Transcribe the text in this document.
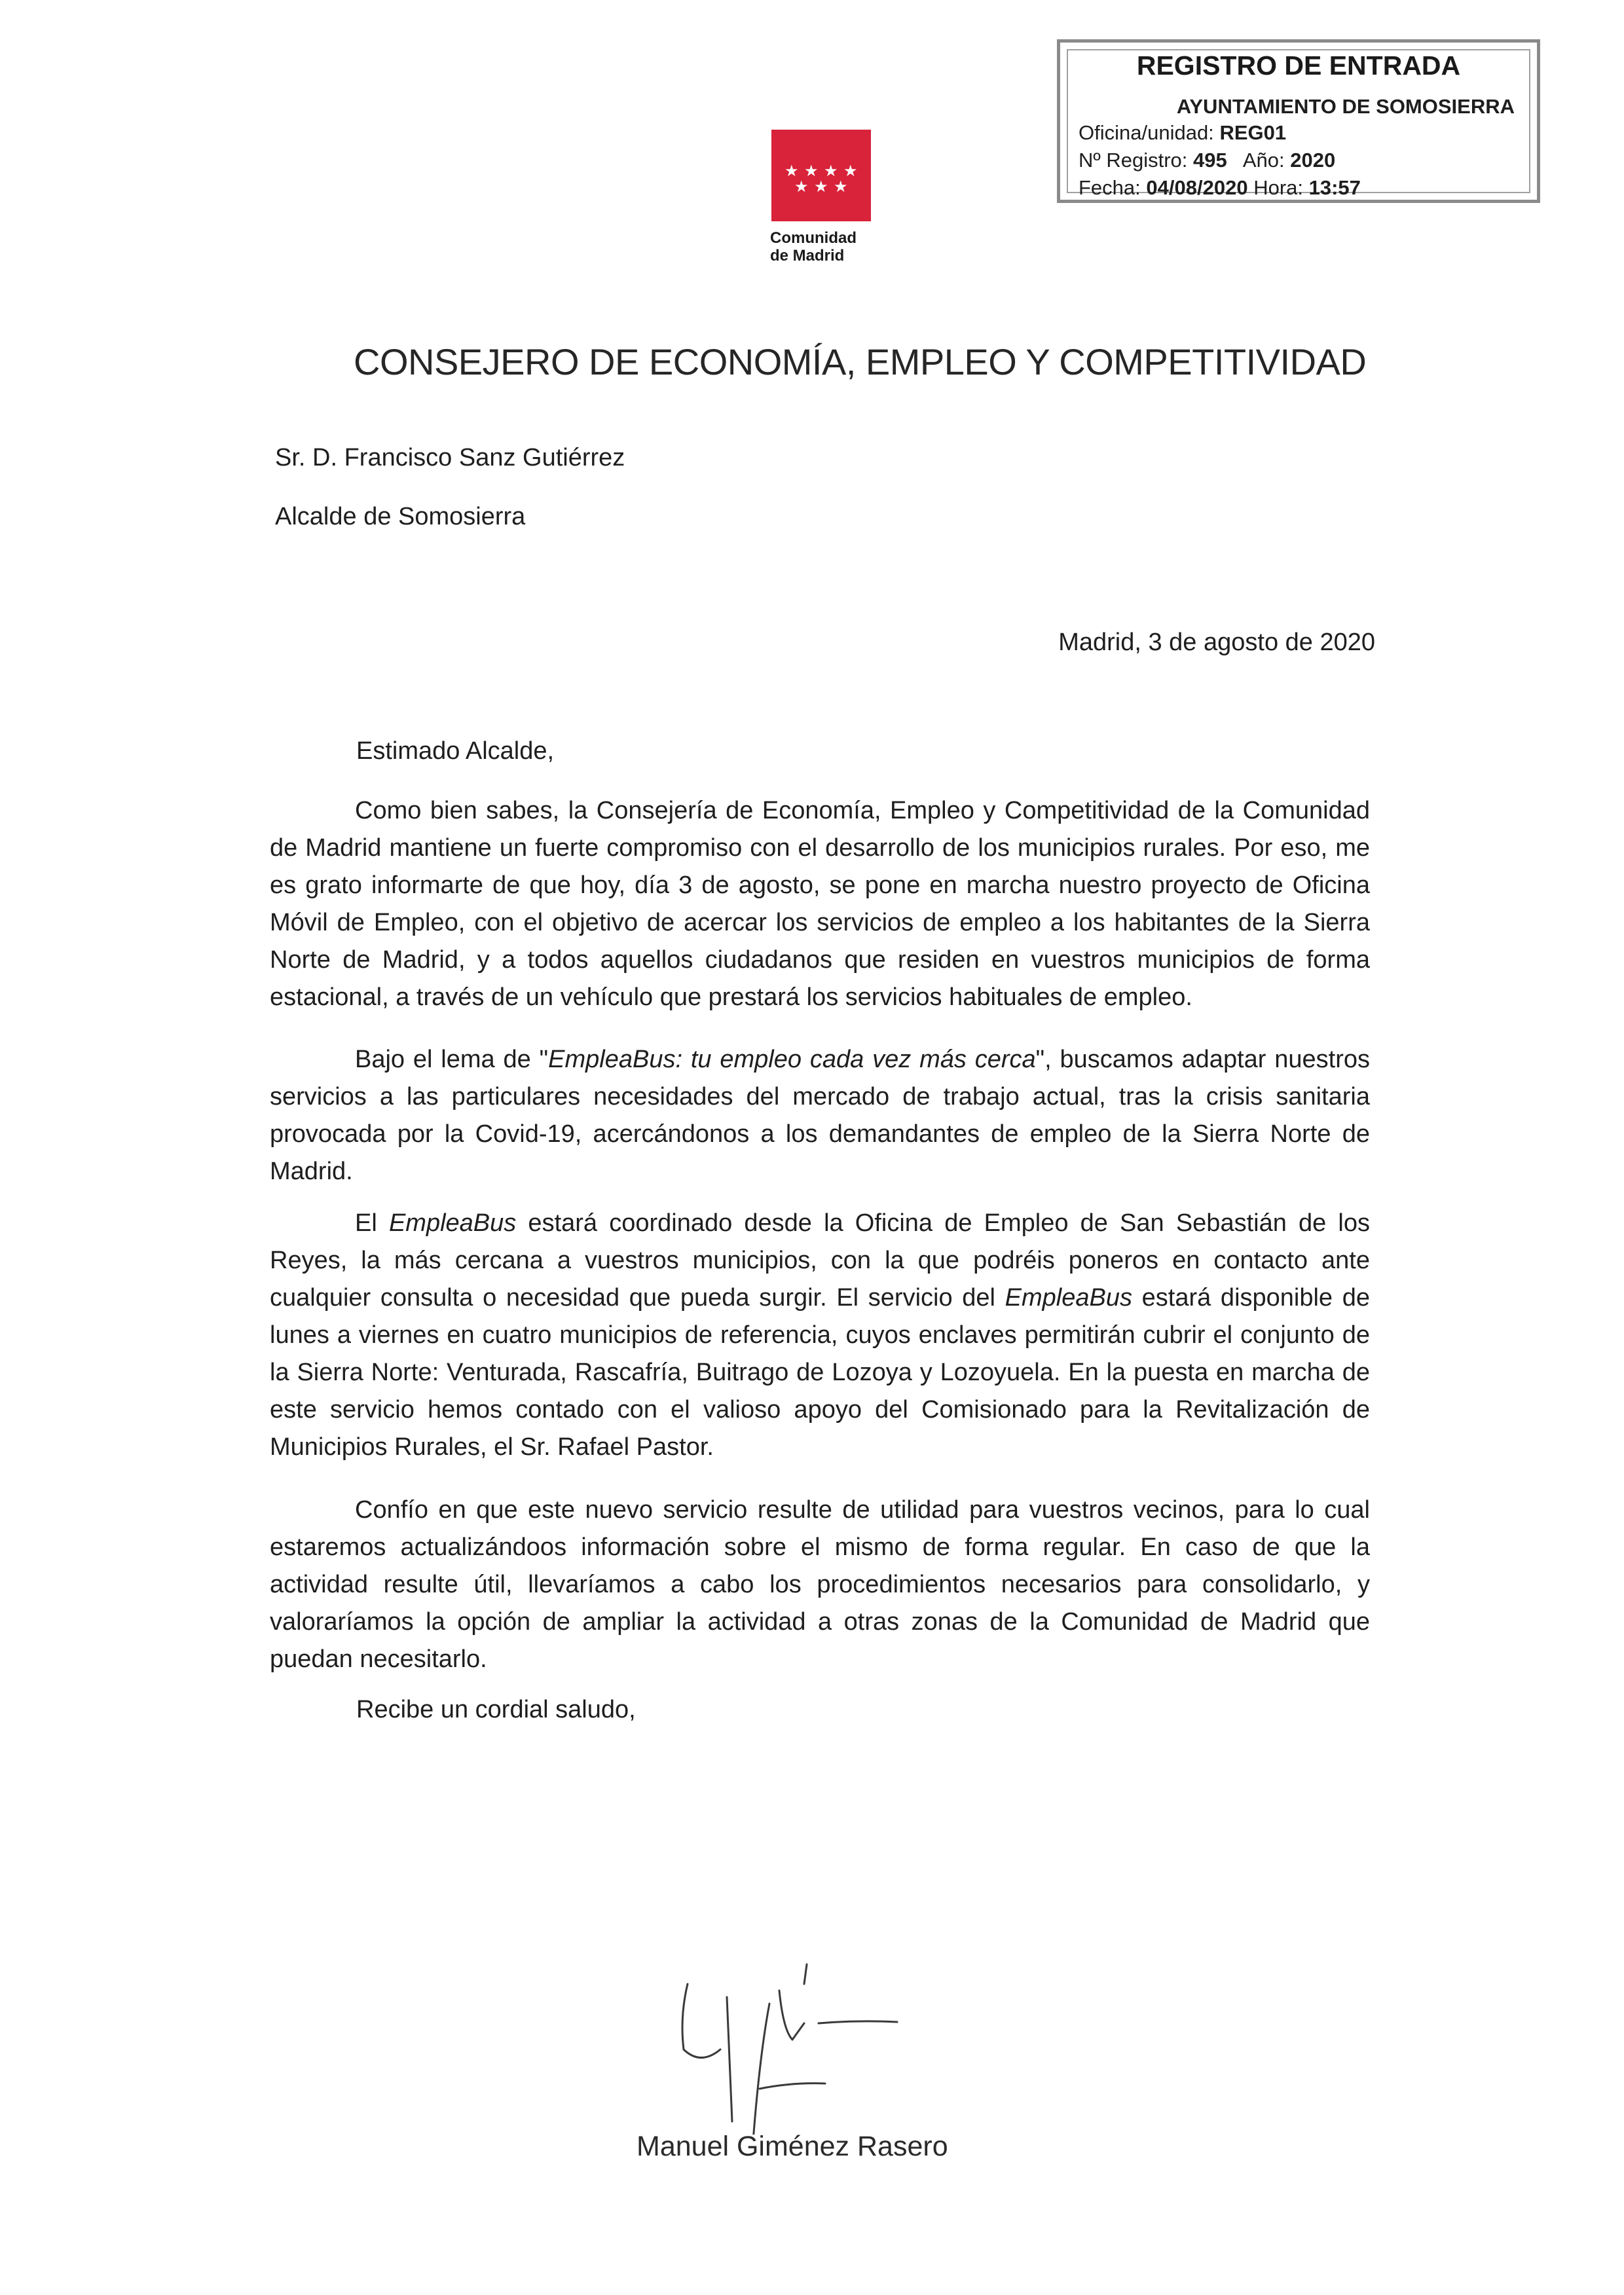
REGISTRO DE ENTRADA
AYUNTAMIENTO DE SOMOSIERRA
Oficina/unidad: REG01
Nº Registro: 495 Año: 2020
Fecha: 04/08/2020 Hora: 13:57
★ ★ ★ ★
★ ★ ★
Comunidad
de Madrid
CONSEJERO DE ECONOMÍA, EMPLEO Y COMPETITIVIDAD
Sr. D. Francisco Sanz Gutiérrez
Alcalde de Somosierra
Madrid, 3 de agosto de 2020
Estimado Alcalde,

Como bien sabes, la Consejería de Economía, Empleo y Competitividad de la Comunidad de Madrid mantiene un fuerte compromiso con el desarrollo de los municipios rurales. Por eso, me es grato informarte de que hoy, día 3 de agosto, se pone en marcha nuestro proyecto de Oficina Móvil de Empleo, con el objetivo de acercar los servicios de empleo a los habitantes de la Sierra Norte de Madrid, y a todos aquellos ciudadanos que residen en vuestros municipios de forma estacional, a través de un vehículo que prestará los servicios habituales de empleo.

Bajo el lema de "EmpleaBus: tu empleo cada vez más cerca", buscamos adaptar nuestros servicios a las particulares necesidades del mercado de trabajo actual, tras la crisis sanitaria provocada por la Covid-19, acercándonos a los demandantes de empleo de la Sierra Norte de Madrid.

El EmpleaBus estará coordinado desde la Oficina de Empleo de San Sebastián de los Reyes, la más cercana a vuestros municipios, con la que podréis poneros en contacto ante cualquier consulta o necesidad que pueda surgir. El servicio del EmpleaBus estará disponible de lunes a viernes en cuatro municipios de referencia, cuyos enclaves permitirán cubrir el conjunto de la Sierra Norte: Venturada, Rascafría, Buitrago de Lozoya y Lozoyuela. En la puesta en marcha de este servicio hemos contado con el valioso apoyo del Comisionado para la Revitalización de Municipios Rurales, el Sr. Rafael Pastor.

Confío en que este nuevo servicio resulte de utilidad para vuestros vecinos, para lo cual estaremos actualizándoos información sobre el mismo de forma regular. En caso de que la actividad resulte útil, llevaríamos a cabo los procedimientos necesarios para consolidarlo, y valoraríamos la opción de ampliar la actividad a otras zonas de la Comunidad de Madrid que puedan necesitarlo.

Recibe un cordial saludo,
Manuel Giménez Rasero
